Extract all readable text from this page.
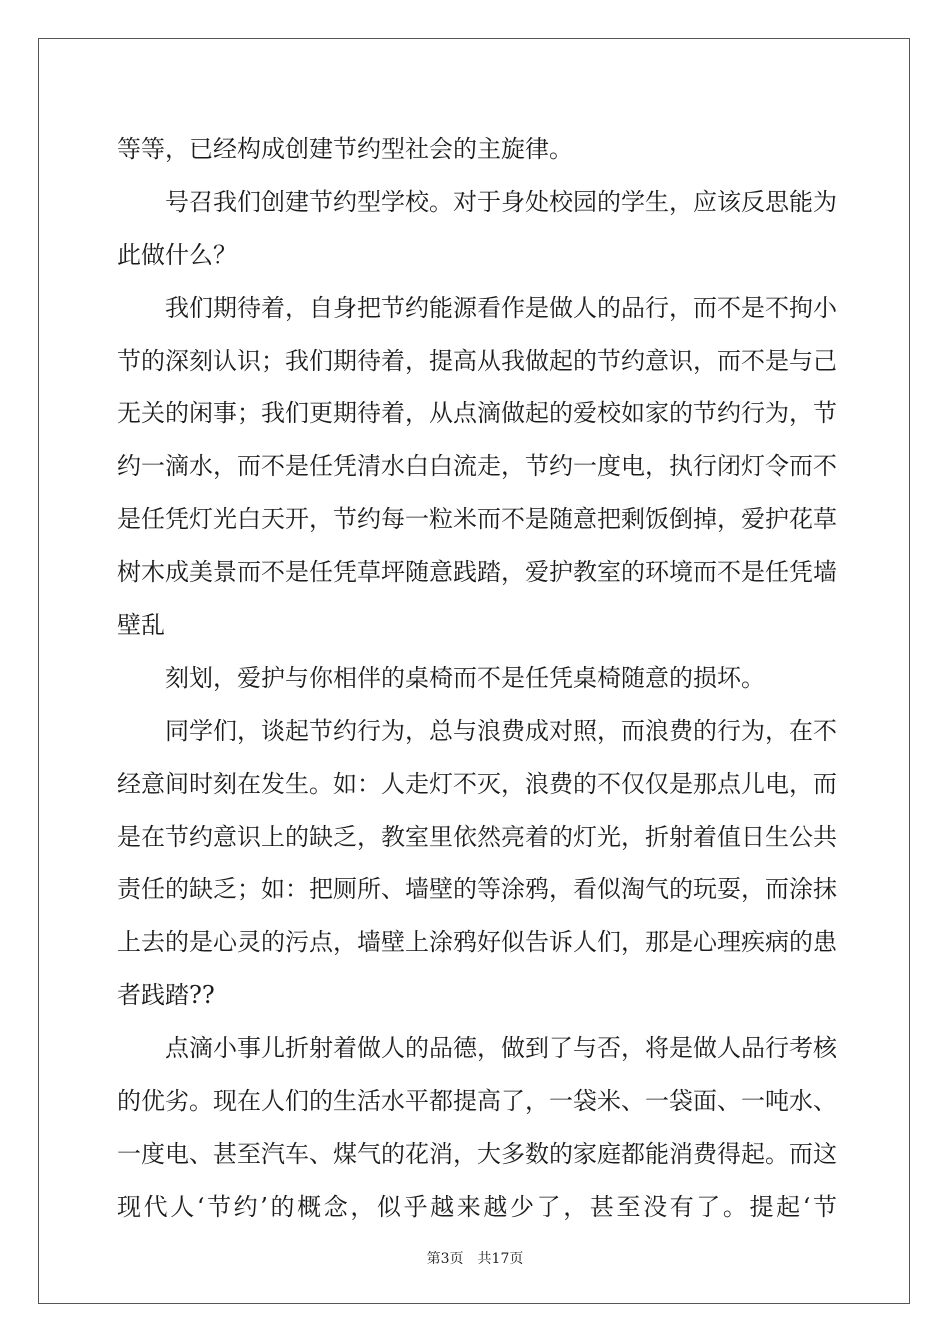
等等，已经构成创建节约型社会的主旋律。
号召我们创建节约型学校。对于身处校园的学生，应该反思能为
此做什么？
我们期待着，自身把节约能源看作是做人的品行，而不是不拘小
节的深刻认识；我们期待着，提高从我做起的节约意识，而不是与己
无关的闲事；我们更期待着，从点滴做起的爱校如家的节约行为，节
约一滴水，而不是任凭清水白白流走，节约一度电，执行闭灯令而不
是任凭灯光白天开，节约每一粒米而不是随意把剩饭倒掉，爱护花草
树木成美景而不是任凭草坪随意践踏，爱护教室的环境而不是任凭墙
壁乱
刻划，爱护与你相伴的桌椅而不是任凭桌椅随意的损坏。
同学们，谈起节约行为，总与浪费成对照，而浪费的行为，在不
经意间时刻在发生。如：人走灯不灭，浪费的不仅仅是那点儿电，而
是在节约意识上的缺乏，教室里依然亮着的灯光，折射着值日生公共
责任的缺乏；如：把厕所、墙壁的等涂鸦，看似淘气的玩耍，而涂抹
上去的是心灵的污点，墙壁上涂鸦好似告诉人们，那是心理疾病的患
者践踏??
点滴小事儿折射着做人的品德，做到了与否，将是做人品行考核
的优劣。现在人们的生活水平都提高了，一袋米、一袋面、一吨水、
一度电、甚至汽车、煤气的花消，大多数的家庭都能消费得起。而这
现代人‘节约’的概念，似乎越来越少了，甚至没有了。提起‘节
第3页 共17页
